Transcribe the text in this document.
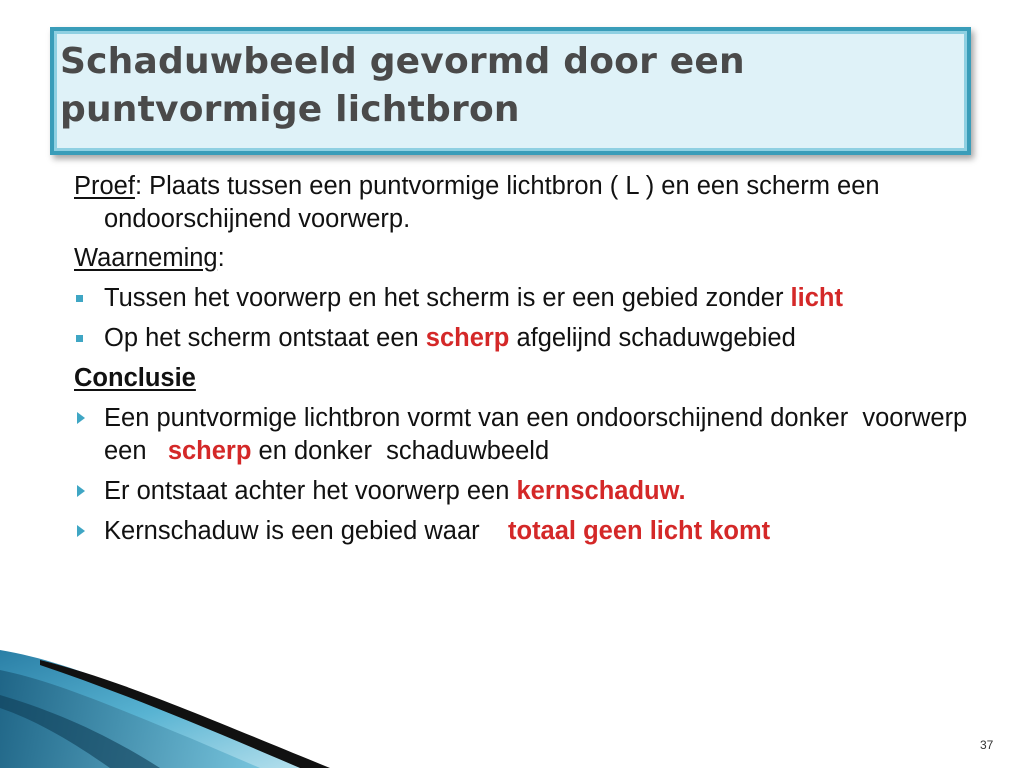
Schaduwbeeld gevormd door een puntvormige lichtbron

Proef: Plaats tussen een puntvormige lichtbron ( L ) en een scherm een ondoorschijnend voorwerp.

Waarneming:

Tussen het voorwerp en het scherm is er een gebied zonder licht
Op het scherm ontstaat een scherp afgelijnd schaduwgebied

Conclusie

Een puntvormige lichtbron vormt van een ondoorschijnend donker  voorwerp een   scherp en donker  schaduwbeeld
Er ontstaat achter het voorwerp een kernschaduw.
Kernschaduw is een gebied waar    totaal geen licht komt
37
